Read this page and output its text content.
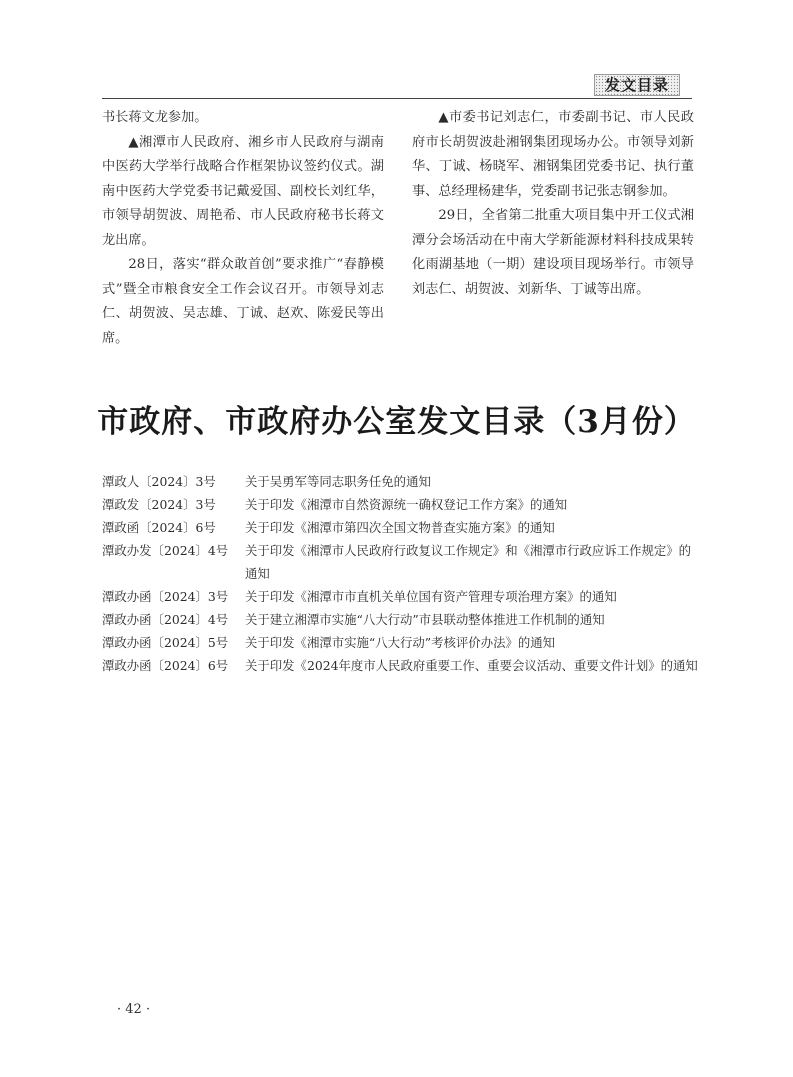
发文目录

书长蒋文龙参加。

▲湘潭市人民政府、湘乡市人民政府与湖南中医药大学举行战略合作框架协议签约仪式。湖南中医药大学党委书记戴爱国、副校长刘红华，市领导胡贺波、周艳希、市人民政府秘书长蒋文龙出席。

28日，落实“群众敢首创”要求推广“春静模式”暨全市粮食安全工作会议召开。市领导刘志仁、胡贺波、吴志雄、丁诚、赵欢、陈爱民等出席。

▲市委书记刘志仁，市委副书记、市人民政府市长胡贺波赴湘钢集团现场办公。市领导刘新华、丁诚、杨晓军、湘钢集团党委书记、执行董事、总经理杨建华，党委副书记张志钢参加。

29日，全省第二批重大项目集中开工仪式湘潭分会场活动在中南大学新能源材料科技成果转化雨湖基地（一期）建设项目现场举行。市领导刘志仁、胡贺波、刘新华、丁诚等出席。

市政府、市政府办公室发文目录（3月份）
潭政人〔2024〕3号	关于吴勇军等同志职务任免的通知
潭政发〔2024〕3号	关于印发《湘潭市自然资源统一确权登记工作方案》的通知
潭政函〔2024〕6号	关于印发《湘潭市第四次全国文物普查实施方案》的通知
潭政办发〔2024〕4号	关于印发《湘潭市人民政府行政复议工作规定》和《湘潭市行政应诉工作规定》的通知
潭政办函〔2024〕3号	关于印发《湘潭市市直机关单位国有资产管理专项治理方案》的通知
潭政办函〔2024〕4号	关于建立湘潭市实施“八大行动”市县联动整体推进工作机制的通知
潭政办函〔2024〕5号	关于印发《湘潭市实施“八大行动”考核评价办法》的通知
潭政办函〔2024〕6号	关于印发《2024年度市人民政府重要工作、重要会议活动、重要文件计划》的通知
· 42 ·
